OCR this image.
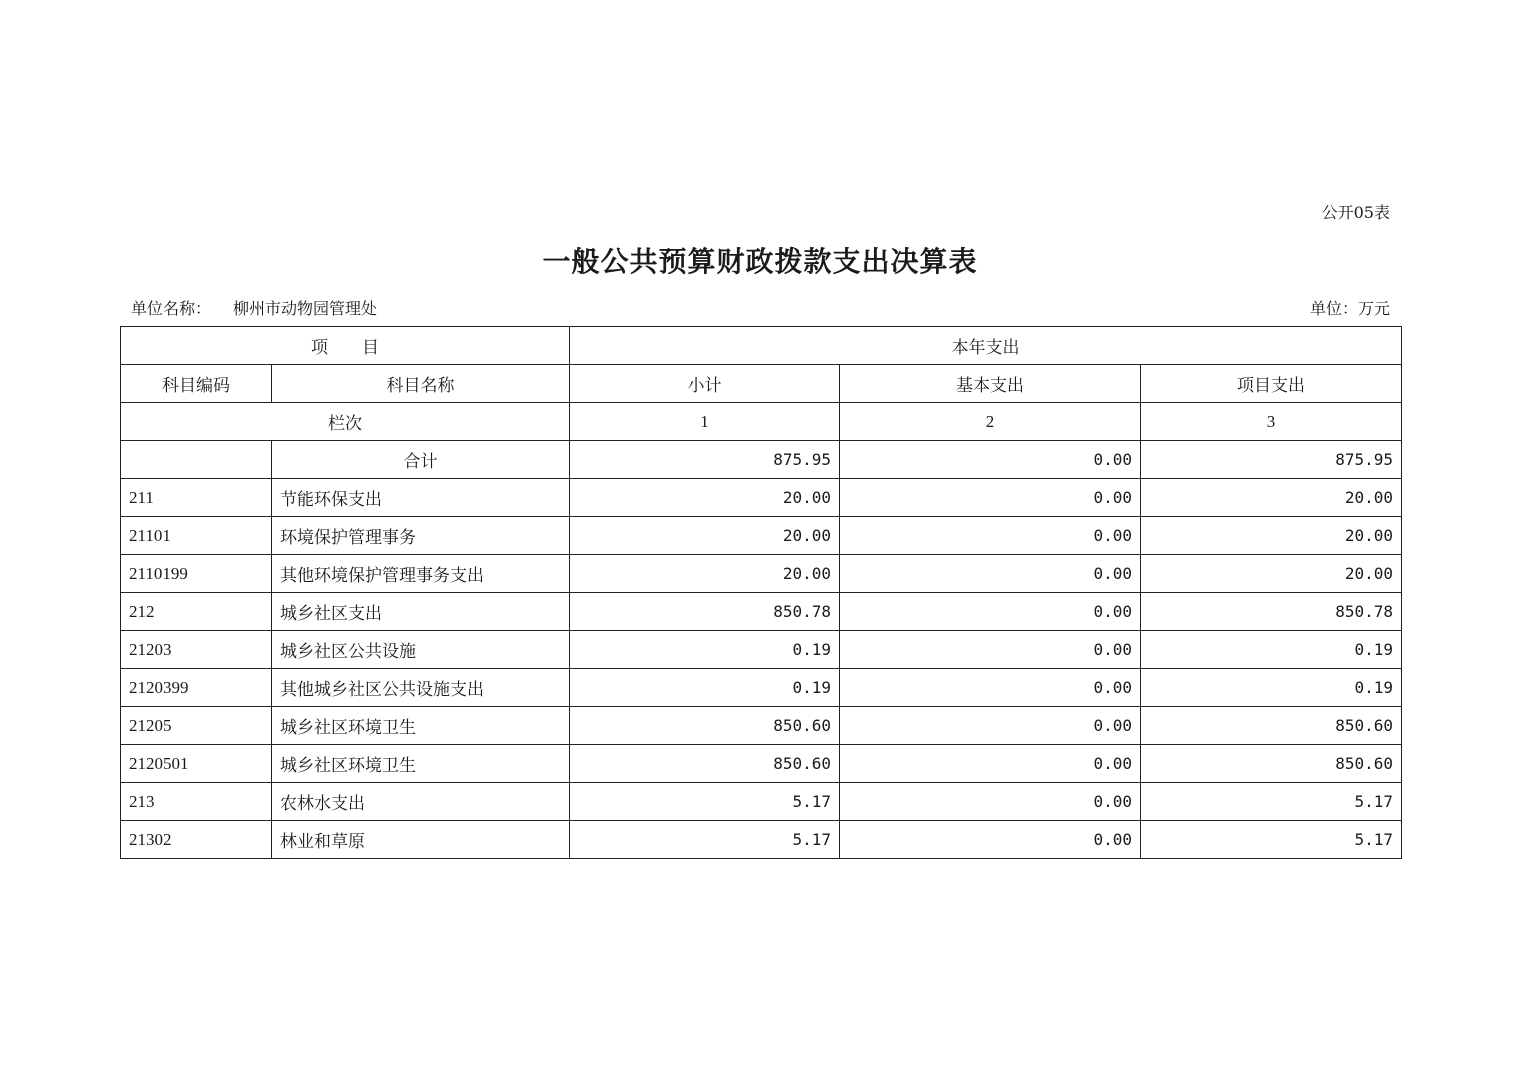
公开05表
一般公共预算财政拨款支出决算表
单位名称： 柳州市动物园管理处	单位：万元
项　　目		本年支出		
科目编码	科目名称	小计	基本支出	项目支出
栏次		1	2	3
	合计	875.95	0.00	875.95
211	节能环保支出	20.00	0.00	20.00
21101	环境保护管理事务	20.00	0.00	20.00
2110199	其他环境保护管理事务支出	20.00	0.00	20.00
212	城乡社区支出	850.78	0.00	850.78
21203	城乡社区公共设施	0.19	0.00	0.19
2120399	其他城乡社区公共设施支出	0.19	0.00	0.19
21205	城乡社区环境卫生	850.60	0.00	850.60
2120501	城乡社区环境卫生	850.60	0.00	850.60
213	农林水支出	5.17	0.00	5.17
21302	林业和草原	5.17	0.00	5.17
